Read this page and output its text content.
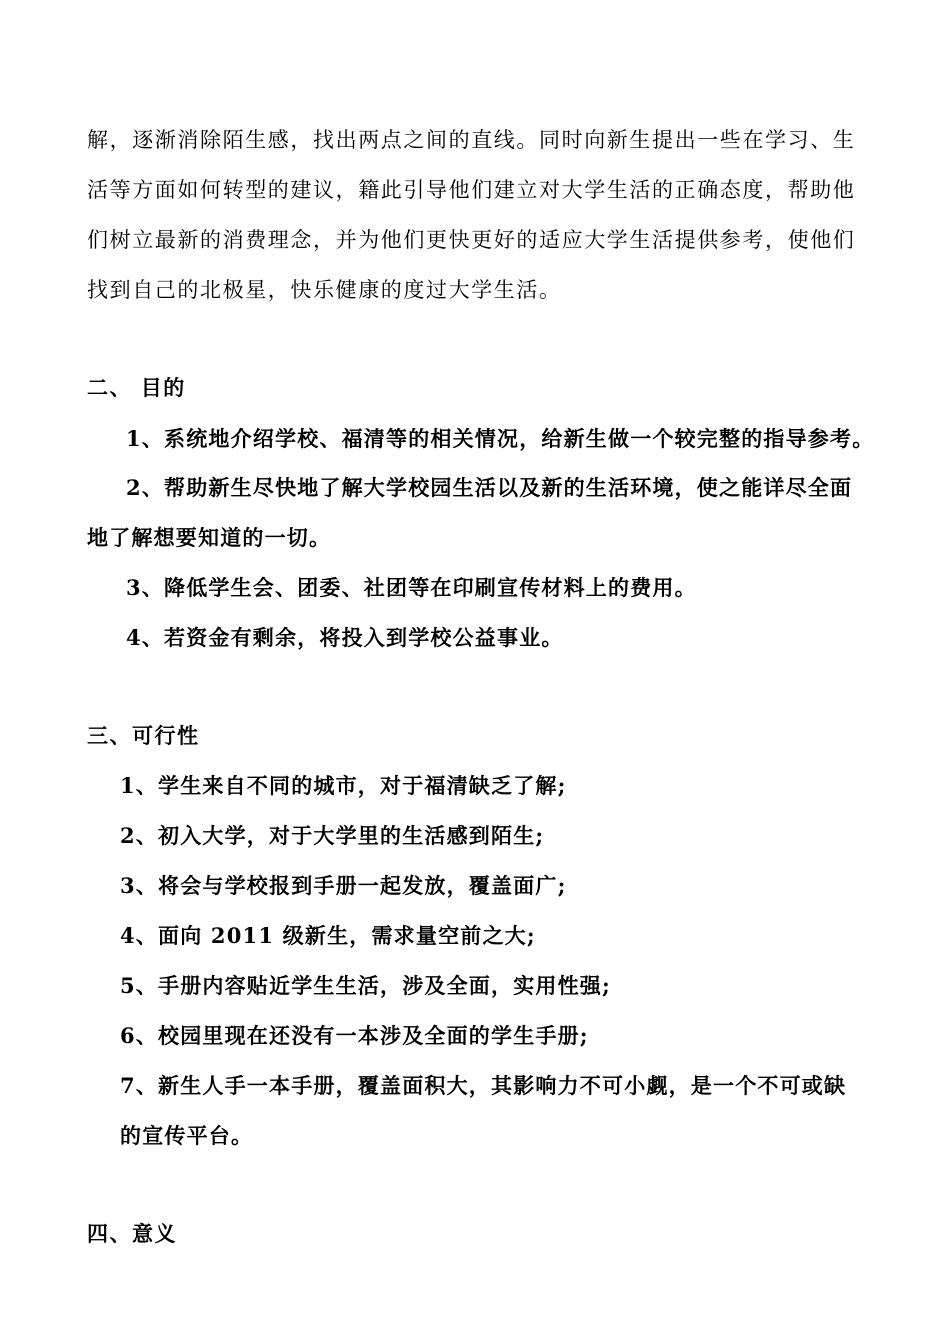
解，逐渐消除陌生感，找出两点之间的直线。同时向新生提出一些在学习、生
活等方面如何转型的建议，籍此引导他们建立对大学生活的正确态度，帮助他
们树立最新的消费理念，并为他们更快更好的适应大学生活提供参考，使他们
找到自己的北极星，快乐健康的度过大学生活。
二、 目的
1、系统地介绍学校、福清等的相关情况，给新生做一个较完整的指导参考。
2、帮助新生尽快地了解大学校园生活以及新的生活环境，使之能详尽全面
地了解想要知道的一切。
3、降低学生会、团委、社团等在印刷宣传材料上的费用。
4、若资金有剩余，将投入到学校公益事业。
三、可行性
1、学生来自不同的城市，对于福清缺乏了解;
2、初入大学，对于大学里的生活感到陌生;
3、将会与学校报到手册一起发放，覆盖面广;
4、面向 2011 级新生，需求量空前之大;
5、手册内容贴近学生生活，涉及全面，实用性强;
6、校园里现在还没有一本涉及全面的学生手册;
7、新生人手一本手册，覆盖面积大，其影响力不可小觑，是一个不可或缺
的宣传平台。
四、意义
